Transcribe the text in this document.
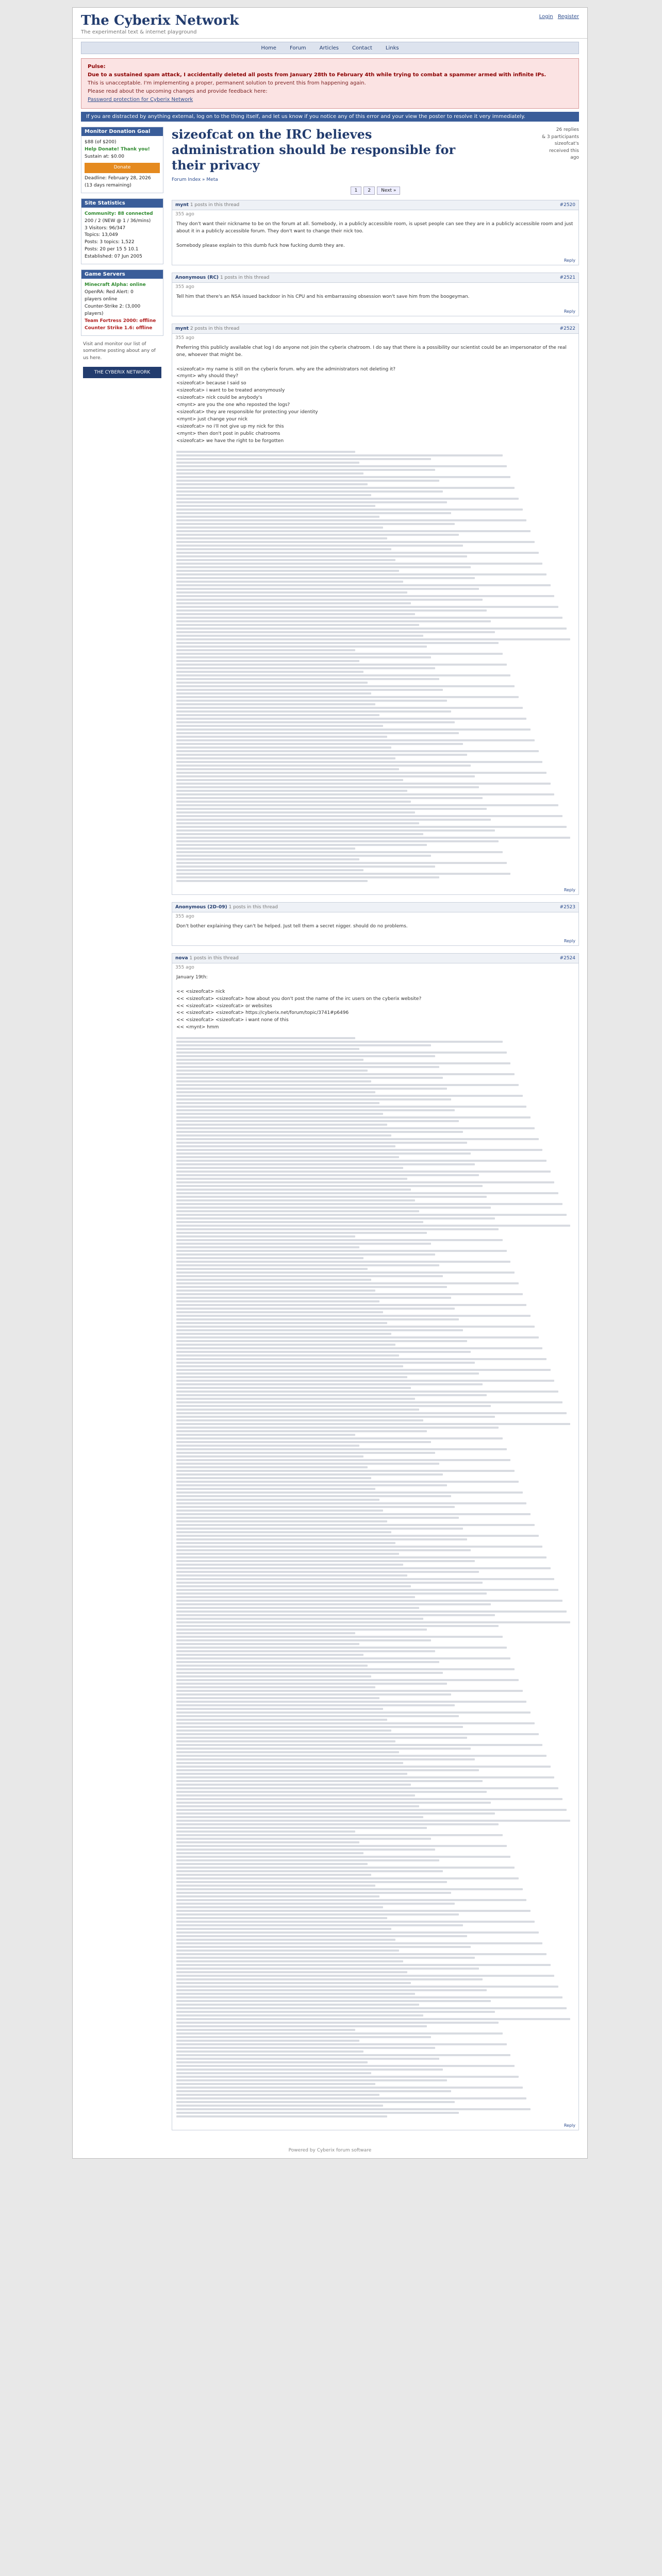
The Cyberix Network
The experimental text & internet playground
Login Register
Home	Forum	Articles	Contact	Links
Pulse:
Due to a sustained spam attack, I accidentally deleted all posts from January 28th to February 4th while trying to combat a spammer armed with infinite IPs.
This is unacceptable. I'm implementing a proper, permanent solution to prevent this from happening again.
Please read about the upcoming changes and provide feedback here:
Password protection for Cyberix Network
If you are distracted by anything external, log on to the thing itself, and let us know if you notice any of this error and your view the poster to resolve it very immediately.
Monitor Donation Goal
$88 (of $200)
Help Donate! Thank you!
Sustain at: $0.00
Donate
Deadline: February 28, 2026
(13 days remaining)
Site Statistics
Community: 88 connected
200 / 2 (NEW @ 1 / 36/mins)
3 Visitors: 96/347
Topics: 13,049
Posts: 3 topics: 1,522
Posts: 20 per 15 5 10.1
Established: 07 Jun 2005
Game Servers
Minecraft Alpha: online
OpenRA: Red Alert: 0
players online
Counter-Strike 2: (3,000 players)
Team Fortress 2000: offline
Counter Strike 1.6: offline
Visit and monitor our list of sometime posting about any of us here.
THE CYBERIX NETWORK
sizeofcat on the IRC believes administration should be responsible for their privacy
26 replies
& 3 participants
sizeofcat's
received this
ago
Forum Index » Meta
1	2	Next »
mynt 1 posts in this thread	#2520
355 ago
They don't want their nickname to be on the forum at all. Somebody, in a publicly accessible room, is upset people can see they are in a publicly accessible room and just about it in a publicly accessible forum. They don't want to change their nick too.

Somebody please explain to this dumb fuck how fucking dumb they are.
Reply
Anonymous (RC) 1 posts in this thread	#2521
355 ago
Tell him that there's an NSA issued backdoor in his CPU and his embarrassing obsession won't save him from the boogeyman.
Reply
mynt 2 posts in this thread	#2522
355 ago
Preferring this publicly available chat log I do anyone not join the cyberix chatroom. I do say that there is a possibility our scientist could be an impersonator of the real one, whoever that might be.

<sizeofcat> my name is still on the cyberix forum. why are the administrators not deleting it?
<mynt> why should they?
<sizeofcat> because I said so
<sizeofcat> i want to be treated anonymously
<sizeofcat> nick could be anybody's
<mynt> are you the one who reposted the logs?
<sizeofcat> they are responsible for protecting your identity
<mynt> just change your nick
<sizeofcat> no i'll not give up my nick for this
<mynt> then don't post in public chatrooms
<sizeofcat> we have the right to be forgotten
Reply
Anonymous (2D-09) 1 posts in this thread	#2523
355 ago
Don't bother explaining they can't be helped. Just tell them a secret nigger. should do no problems.
Reply
nova 1 posts in this thread	#2524
355 ago
January 19th:

<< <sizeofcat> nick
<< <sizeofcat> <sizeofcat> how about you don't post the name of the irc users on the cyberix website?
<< <sizeofcat> <sizeofcat> or websites
<< <sizeofcat> <sizeofcat> https://cyberix.net/forum/topic/3741#p6496
<< <sizeofcat> <sizeofcat> i want none of this
<< <mynt> hmm
Reply
Powered by Cyberix forum software
